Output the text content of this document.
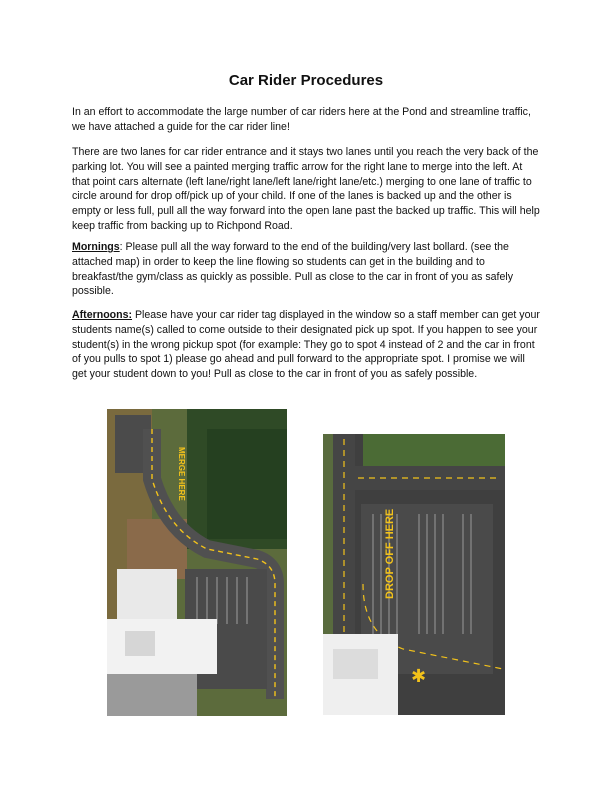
Car Rider Procedures

In an effort to accommodate the large number of car riders here at the Pond and streamline traffic, we have attached a guide for the car rider line!

There are two lanes for car rider entrance and it stays two lanes until you reach the very back of the parking lot. You will see a painted merging traffic arrow for the right lane to merge into the left. At that point cars alternate (left lane/right lane/left lane/right lane/etc.) merging to one lane of traffic to circle around for drop off/pick up of your child. If one of the lanes is backed up and the other is empty or less full, pull all the way forward into the open lane past the backed up traffic. This will help keep traffic from backing up to Richpond Road.

Mornings: Please pull all the way forward to the end of the building/very last bollard. (see the attached map) in order to keep the line flowing so students can get in the building and to breakfast/the gym/class as quickly as possible. Pull as close to the car in front of you as safely possible.

Afternoons: Please have your car rider tag displayed in the window so a staff member can get your students name(s) called to come outside to their designated pick up spot. If you happen to see your student(s) in the wrong pickup spot (for example: They go to spot 4 instead of 2 and the car in front of you pulls to spot 1) please go ahead and pull forward to the appropriate spot. I promise we will get your student down to you! Pull as close to the car in front of you as safely possible.

MERGE HERE
DROP OFF HERE
✱
